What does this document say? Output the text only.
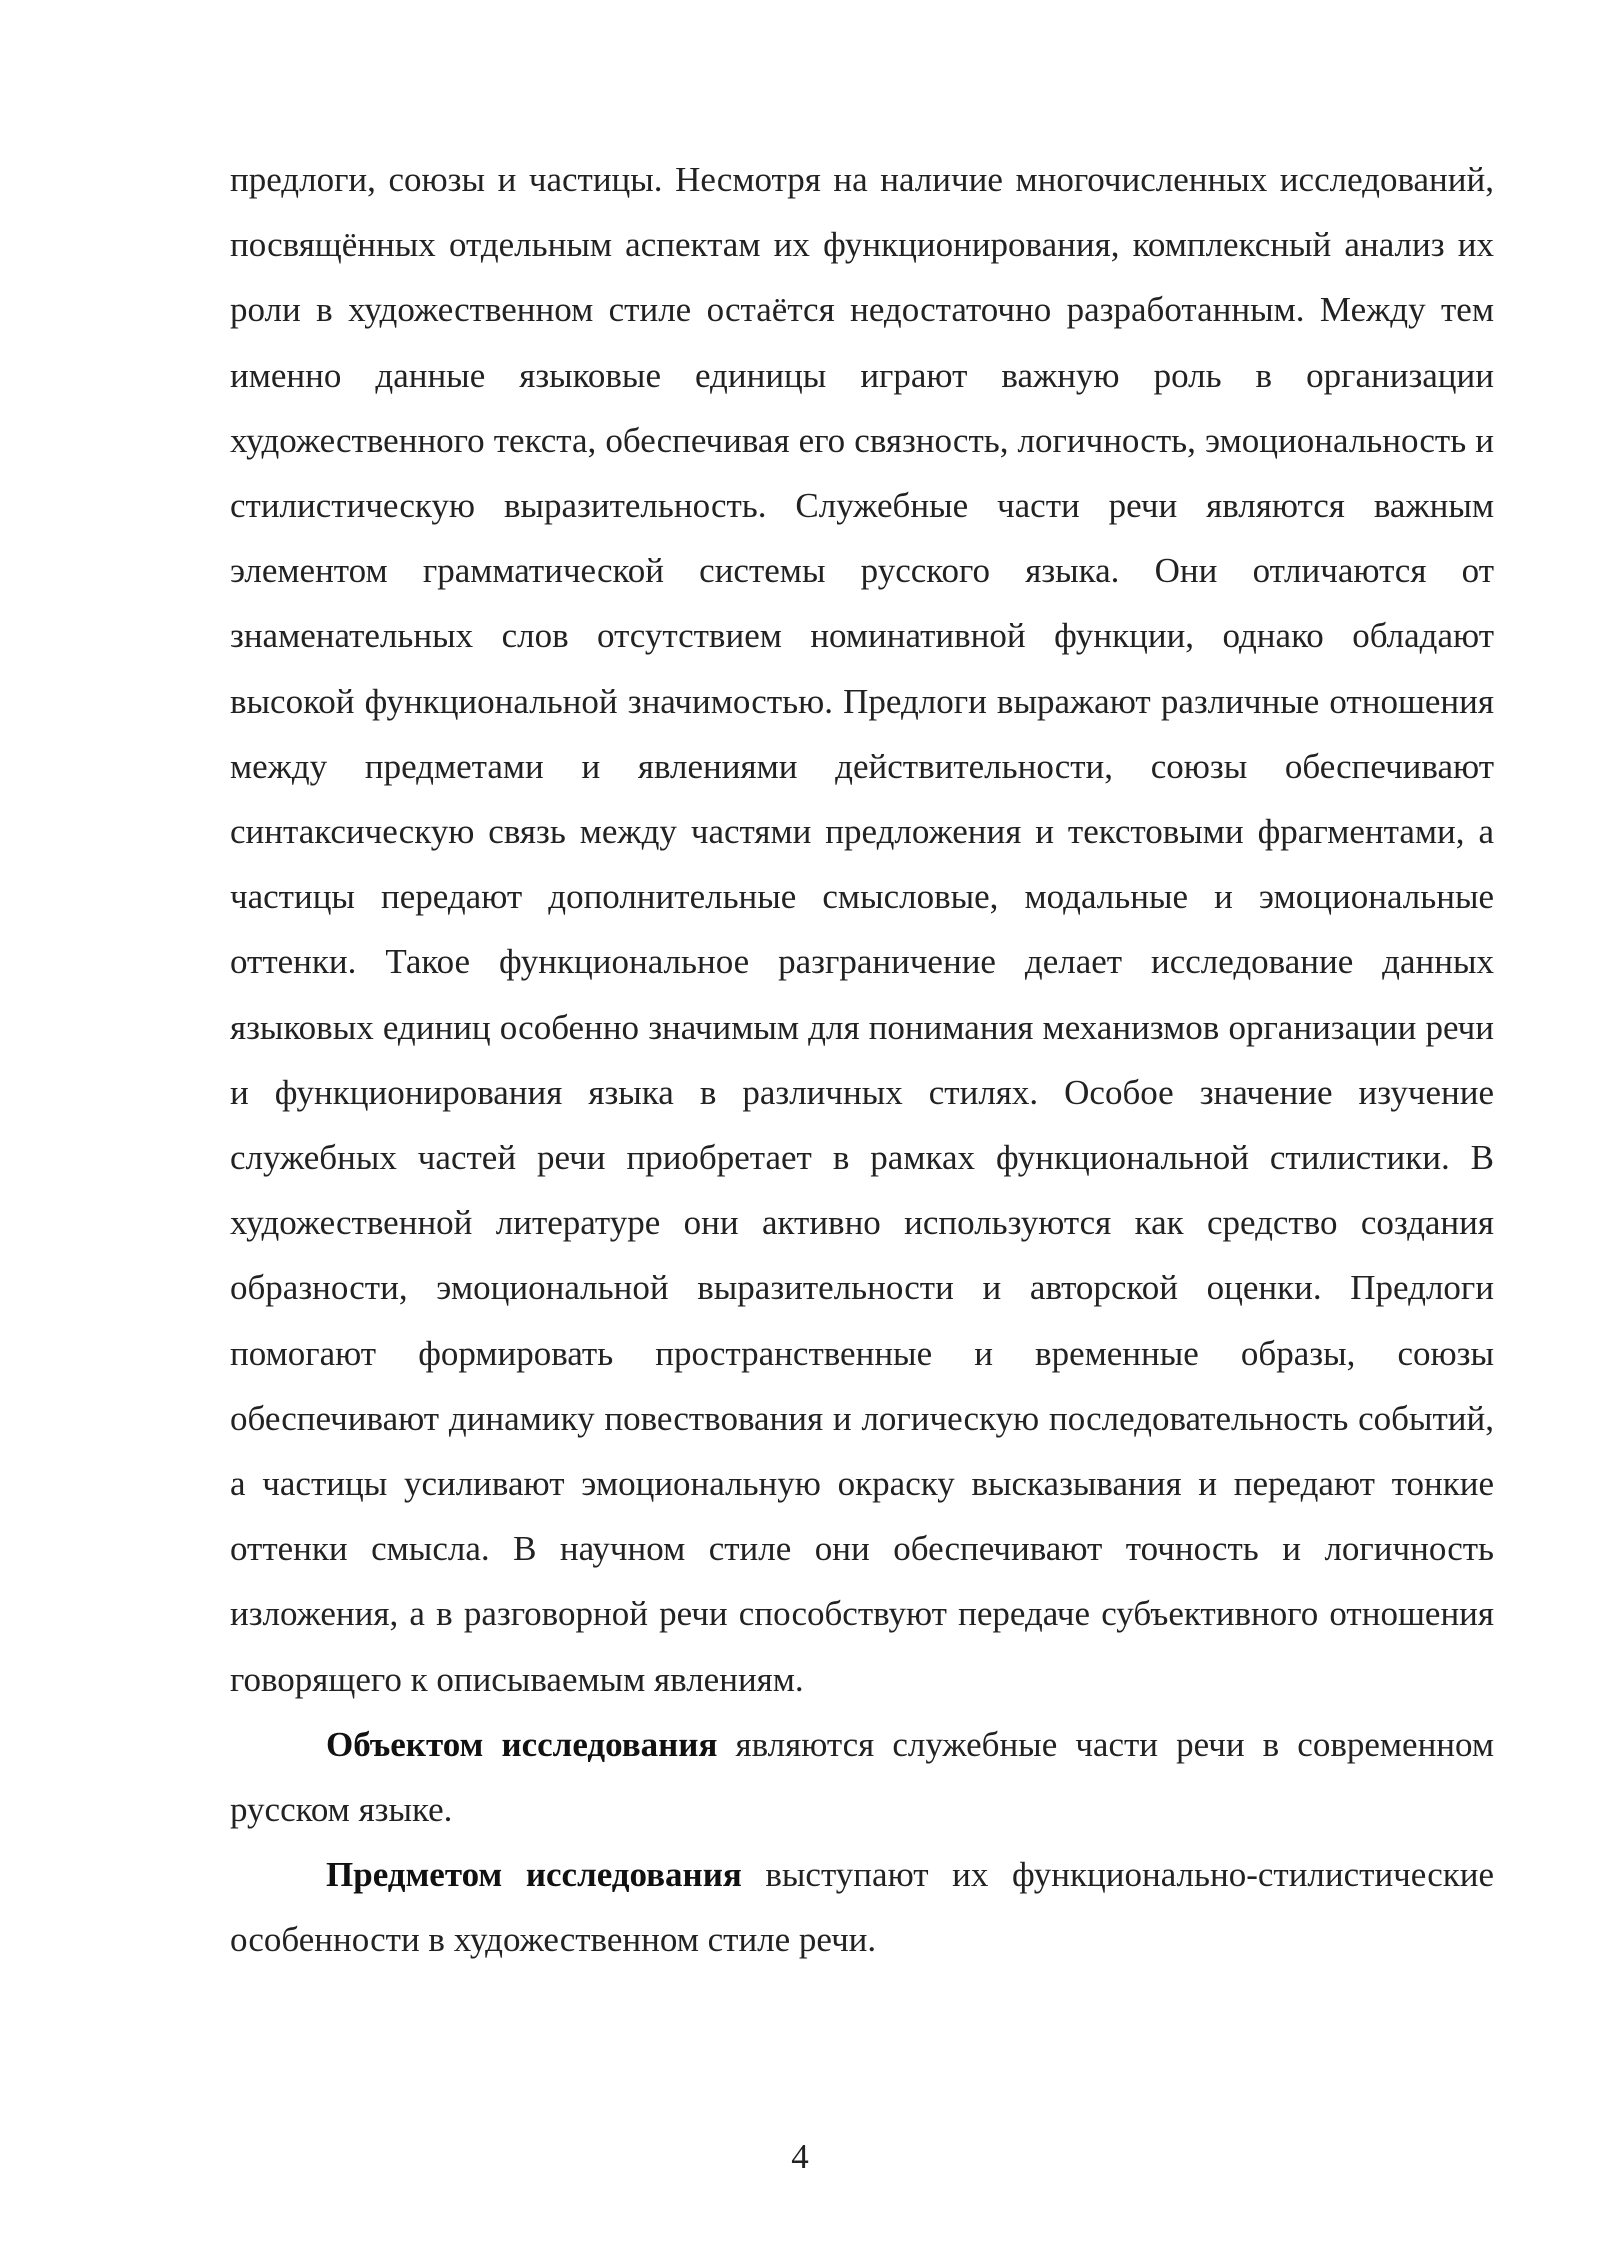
предлоги, союзы и частицы. Несмотря на наличие многочисленных исследований, посвящённых отдельным аспектам их функционирования, комплексный анализ их роли в художественном стиле остаётся недостаточно разработанным. Между тем именно данные языковые единицы играют важную роль в организации художественного текста, обеспечивая его связность, логичность, эмоциональность и стилистическую выразительность. Служебные части речи являются важным элементом грамматической системы русского языка. Они отличаются от знаменательных слов отсутствием номинативной функции, однако обладают высокой функциональной значимостью. Предлоги выражают различные отношения между предметами и явлениями действительности, союзы обеспечивают синтаксическую связь между частями предложения и текстовыми фрагментами, а частицы передают дополнительные смысловые, модальные и эмоциональные оттенки. Такое функциональное разграничение делает исследование данных языковых единиц особенно значимым для понимания механизмов организации речи и функционирования языка в различных стилях. Особое значение изучение служебных частей речи приобретает в рамках функциональной стилистики. В художественной литературе они активно используются как средство создания образности, эмоциональной выразительности и авторской оценки. Предлоги помогают формировать пространственные и временные образы, союзы обеспечивают динамику повествования и логическую последовательность событий, а частицы усиливают эмоциональную окраску высказывания и передают тонкие оттенки смысла. В научном стиле они обеспечивают точность и логичность изложения, а в разговорной речи способствуют передаче субъективного отношения говорящего к описываемым явлениям.

Объектом исследования являются служебные части речи в современном русском языке.

Предметом исследования выступают их функционально-стилистические особенности в художественном стиле речи.

4
